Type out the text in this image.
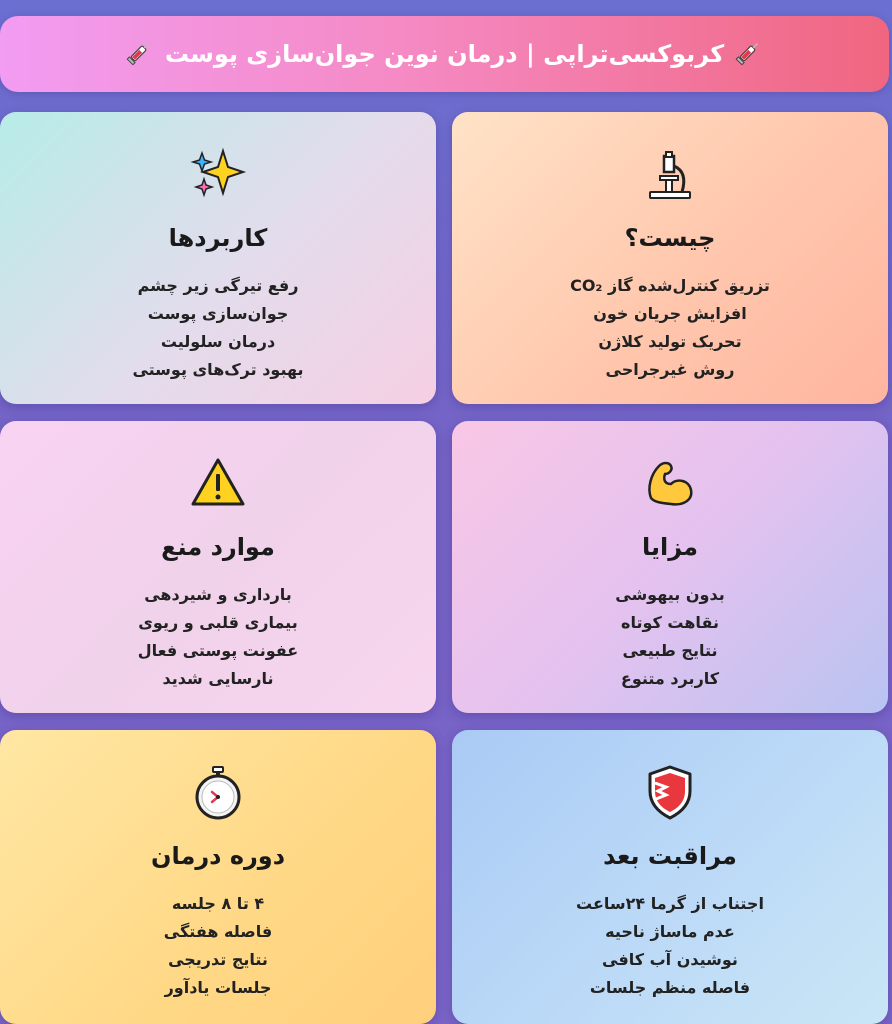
کربوکسی‌تراپی | درمان نوین جوان‌سازی پوست
چیست؟
تزریق کنترل‌شده گاز CO₂
افزایش جریان خون
تحریک تولید کلاژن
روش غیرجراحی
کاربردها
رفع تیرگی زیر چشم
جوان‌سازی پوست
درمان سلولیت
بهبود ترک‌های پوستی
مزایا
بدون بیهوشی
نقاهت کوتاه
نتایج طبیعی
کاربرد متنوع
موارد منع
بارداری و شیردهی
بیماری قلبی و ریوی
عفونت پوستی فعال
نارسایی شدید
مراقبت بعد
اجتناب از گرما ۲۴ساعت
عدم ماساژ ناحیه
نوشیدن آب کافی
فاصله منظم جلسات
دوره درمان
۴ تا ۸ جلسه
فاصله هفتگی
نتایج تدریجی
جلسات یادآور
